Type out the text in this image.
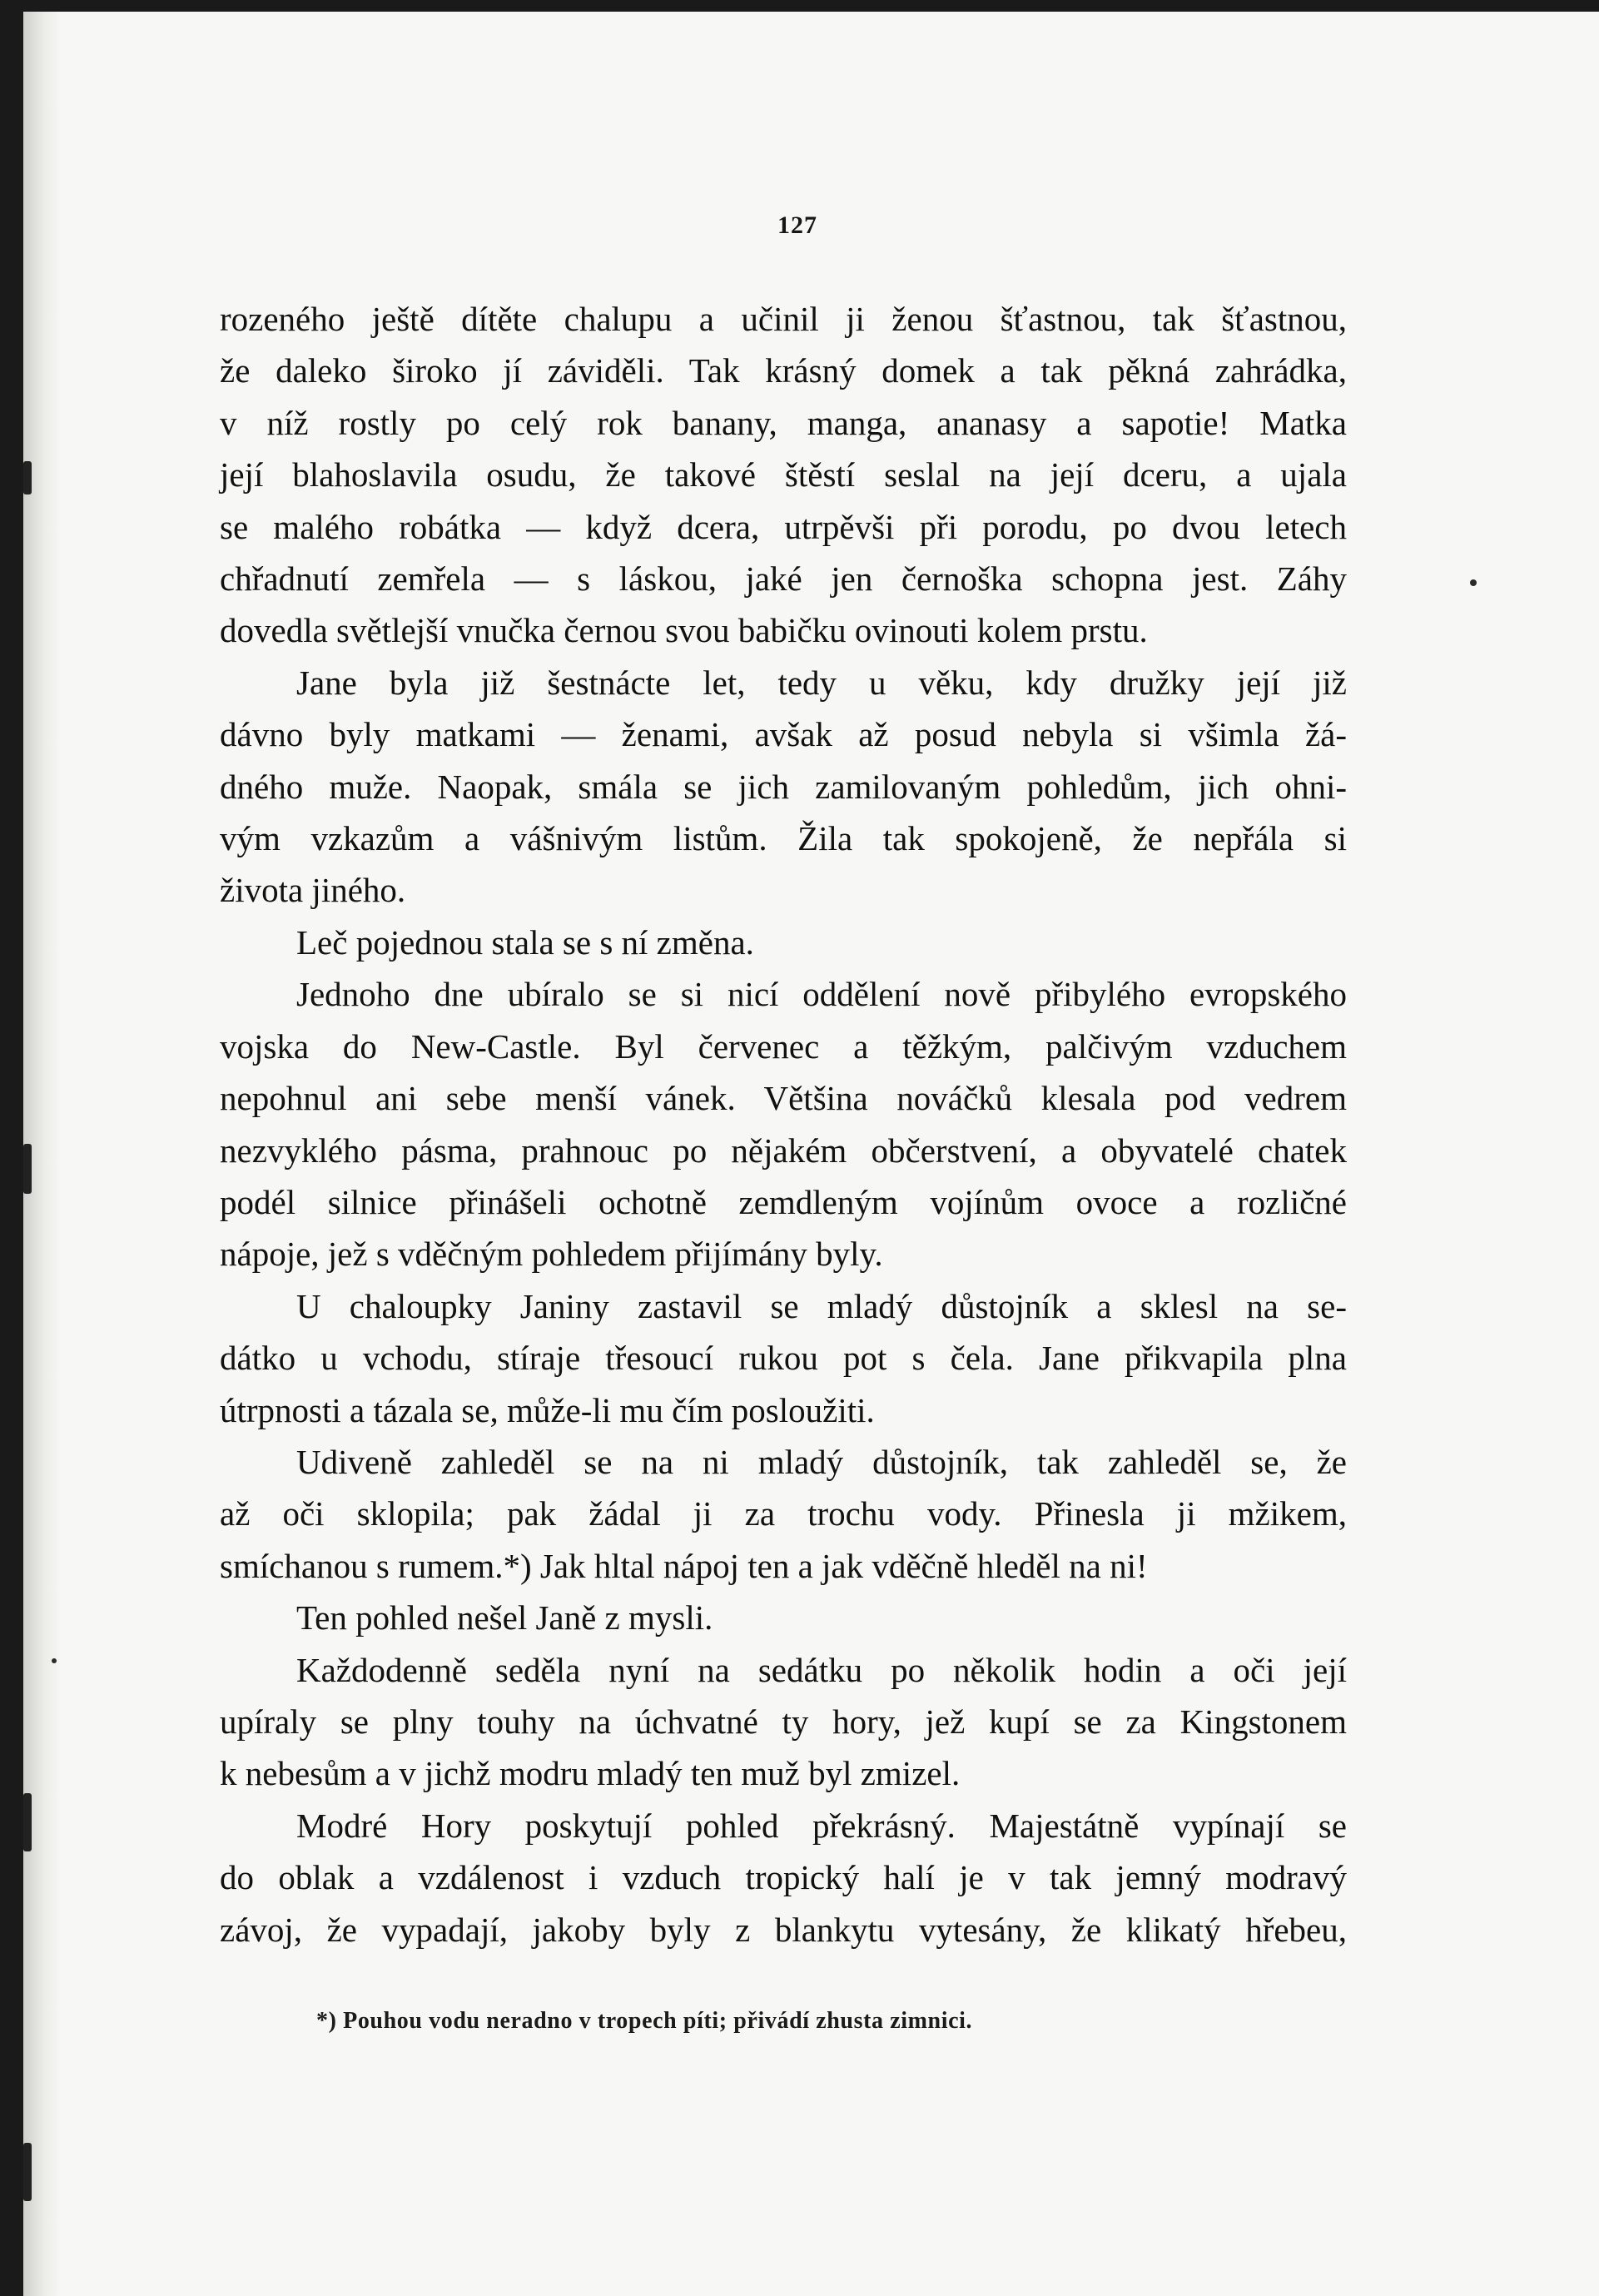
127
rozeného ještě dítěte chalupu a učinil ji ženou šťastnou, tak šťastnou,
že daleko široko jí záviděli. Tak krásný domek a tak pěkná zahrádka,
v níž rostly po celý rok banany, manga, ananasy a sapotie! Matka
její blahoslavila osudu, že takové štěstí seslal na její dceru, a ujala
se malého robátka — když dcera, utrpěvši při porodu, po dvou letech
chřadnutí zemřela — s láskou, jaké jen černoška schopna jest. Záhy
dovedla světlejší vnučka černou svou babičku ovinouti kolem prstu.
Jane byla již šestnácte let, tedy u věku, kdy družky její již
dávno byly matkami — ženami, avšak až posud nebyla si všimla žá-
dného muže. Naopak, smála se jich zamilovaným pohledům, jich ohni-
vým vzkazům a vášnivým listům. Žila tak spokojeně, že nepřála si
života jiného.
Leč pojednou stala se s ní změna.
Jednoho dne ubíralo se si nicí oddělení nově přibylého evropského
vojska do New-Castle. Byl červenec a těžkým, palčivým vzduchem
nepohnul ani sebe menší vánek. Většina nováčků klesala pod vedrem
nezvyklého pásma, prahnouc po nějakém občerstvení, a obyvatelé chatek
podél silnice přinášeli ochotně zemdleným vojínům ovoce a rozličné
nápoje, jež s vděčným pohledem přijímány byly.
U chaloupky Janiny zastavil se mladý důstojník a sklesl na se-
dátko u vchodu, stíraje třesoucí rukou pot s čela. Jane přikvapila plna
útrpnosti a tázala se, může-li mu čím posloužiti.
Udiveně zahleděl se na ni mladý důstojník, tak zahleděl se, že
až oči sklopila; pak žádal ji za trochu vody. Přinesla ji mžikem,
smíchanou s rumem.*) Jak hltal nápoj ten a jak vděčně hleděl na ni!
Ten pohled nešel Janě z mysli.
Každodenně seděla nyní na sedátku po několik hodin a oči její
upíraly se plny touhy na úchvatné ty hory, jež kupí se za Kingstonem
k nebesům a v jichž modru mladý ten muž byl zmizel.
Modré Hory poskytují pohled překrásný. Majestátně vypínají se
do oblak a vzdálenost i vzduch tropický halí je v tak jemný modravý
závoj, že vypadají, jakoby byly z blankytu vytesány, že klikatý hřebeu,
*) Pouhou vodu neradno v tropech píti; přivádí zhusta zimnici.
